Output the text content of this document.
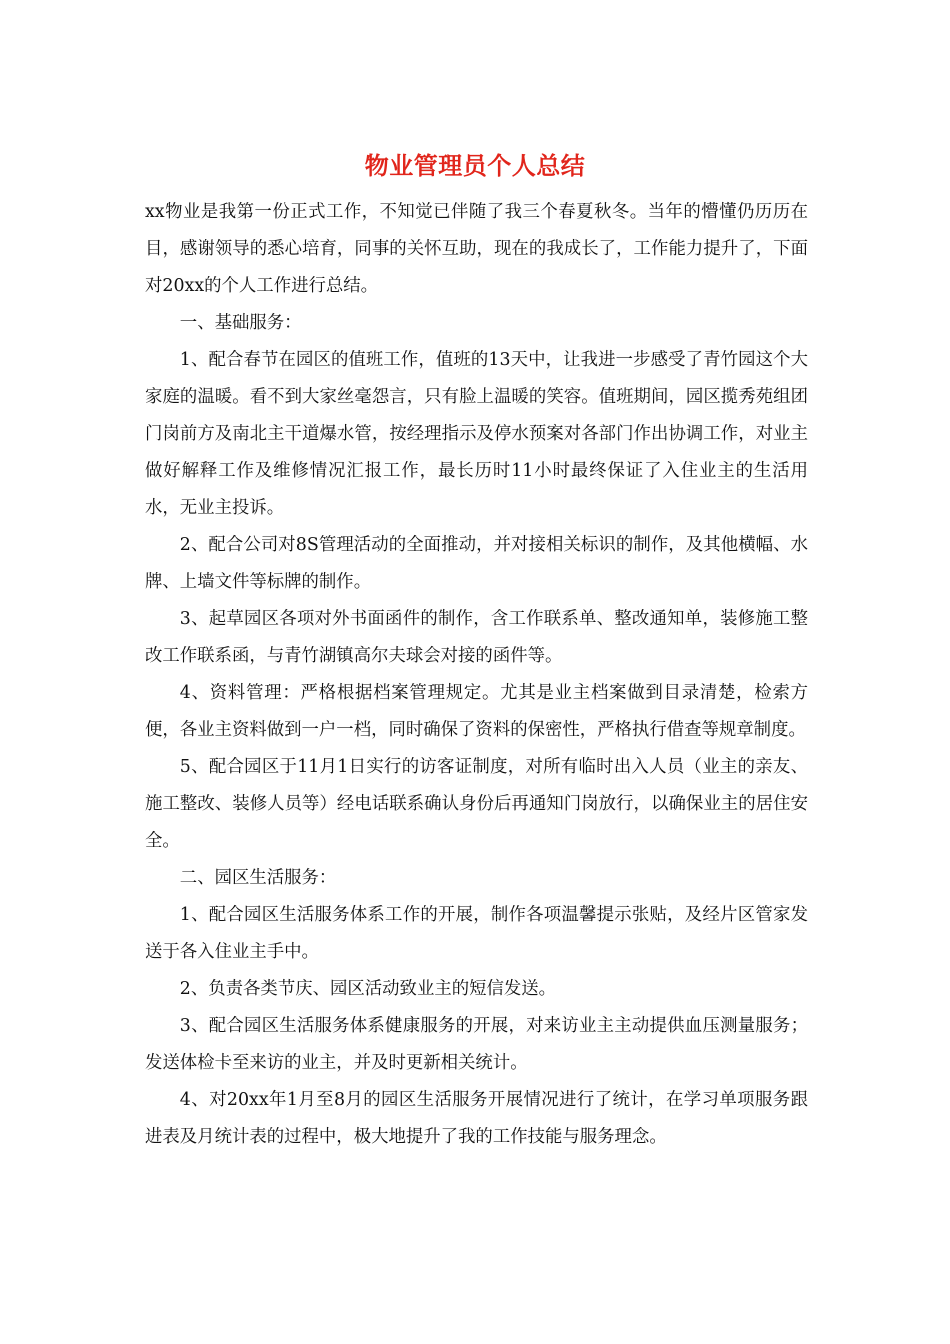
物业管理员个人总结

xx物业是我第一份正式工作，不知觉已伴随了我三个春夏秋冬。当年的懵懂仍历历在目，感谢领导的悉心培育，同事的关怀互助，现在的我成长了，工作能力提升了，下面对20xx的个人工作进行总结。

一、基础服务：

1、配合春节在园区的值班工作，值班的13天中，让我进一步感受了青竹园这个大家庭的温暖。看不到大家丝毫怨言，只有脸上温暖的笑容。值班期间，园区揽秀苑组团门岗前方及南北主干道爆水管，按经理指示及停水预案对各部门作出协调工作，对业主做好解释工作及维修情况汇报工作，最长历时11小时最终保证了入住业主的生活用水，无业主投诉。

2、配合公司对8S管理活动的全面推动，并对接相关标识的制作，及其他横幅、水牌、上墙文件等标牌的制作。

3、起草园区各项对外书面函件的制作，含工作联系单、整改通知单，装修施工整改工作联系函，与青竹湖镇高尔夫球会对接的函件等。

4、资料管理：严格根据档案管理规定。尤其是业主档案做到目录清楚，检索方便，各业主资料做到一户一档，同时确保了资料的保密性，严格执行借查等规章制度。

5、配合园区于11月1日实行的访客证制度，对所有临时出入人员（业主的亲友、施工整改、装修人员等）经电话联系确认身份后再通知门岗放行，以确保业主的居住安全。

二、园区生活服务：

1、配合园区生活服务体系工作的开展，制作各项温馨提示张贴，及经片区管家发送于各入住业主手中。

2、负责各类节庆、园区活动致业主的短信发送。

3、配合园区生活服务体系健康服务的开展，对来访业主主动提供血压测量服务；发送体检卡至来访的业主，并及时更新相关统计。

4、对20xx年1月至8月的园区生活服务开展情况进行了统计，在学习单项服务跟进表及月统计表的过程中，极大地提升了我的工作技能与服务理念。
